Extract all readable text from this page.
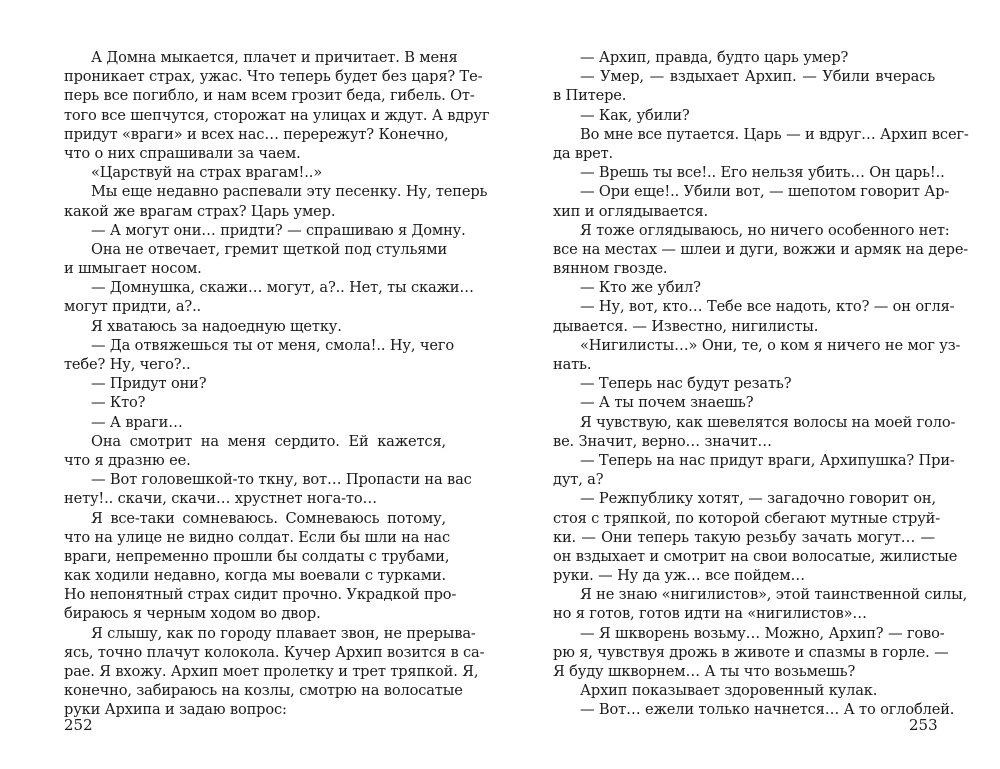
А Домна мыкается, плачет и причитает. В меня
проникает страх, ужас. Что теперь будет без царя? Те-
перь все погибло, и нам всем грозит беда, гибель. От-
того все шепчутся, сторожат на улицах и ждут. А вдруг
придут «враги» и всех нас… перережут? Конечно,
что о них спрашивали за чаем.
«Царствуй на страх врагам!..»
Мы еще недавно распевали эту песенку. Ну, теперь
какой же врагам страх? Царь умер.
— А могут они… придти? — спрашиваю я Домну.
Она не отвечает, гремит щеткой под стульями
и шмыгает носом.
— Домнушка, скажи… могут, а?.. Нет, ты скажи…
могут придти, а?..
Я хватаюсь за надоедную щетку.
— Да отвяжешься ты от меня, смола!.. Ну, чего
тебе? Ну, чего?..
— Придут они?
— Кто?
— А враги…
Она смотрит на меня сердито. Ей кажется,
что я дразню ее.
— Вот головешкой-то ткну, вот… Пропасти на вас
нету!.. скачи, скачи… хрустнет нога-то…
Я все-таки сомневаюсь. Сомневаюсь потому,
что на улице не видно солдат. Если бы шли на нас
враги, непременно прошли бы солдаты с трубами,
как ходили недавно, когда мы воевали с турками.
Но непонятный страх сидит прочно. Украдкой про-
бираюсь я черным ходом во двор.
Я слышу, как по городу плавает звон, не прерыва-
ясь, точно плачут колокола. Кучер Архип возится в са-
рае. Я вхожу. Архип моет пролетку и трет тряпкой. Я,
конечно, забираюсь на козлы, смотрю на волосатые
руки Архипа и задаю вопрос:
252
— Архип, правда, будто царь умер?
— Умер, — вздыхает Архип. — Убили вчерась
в Питере.
— Как, убили?
Во мне все путается. Царь — и вдруг… Архип всег-
да врет.
— Врешь ты все!.. Его нельзя убить… Он царь!..
— Ори еще!.. Убили вот, — шепотом говорит Ар-
хип и оглядывается.
Я тоже оглядываюсь, но ничего особенного нет:
все на местах — шлеи и дуги, вожжи и армяк на дере-
вянном гвозде.
— Кто же убил?
— Ну, вот, кто… Тебе все надоть, кто? — он огля-
дывается. — Известно, нигилисты.
«Нигилисты…» Они, те, о ком я ничего не мог уз-
нать.
— Теперь нас будут резать?
— А ты почем знаешь?
Я чувствую, как шевелятся волосы на моей голо-
ве. Значит, верно… значит…
— Теперь на нас придут враги, Архипушка? При-
дут, а?
— Режпублику хотят, — загадочно говорит он,
стоя с тряпкой, по которой сбегают мутные струй-
ки. — Они теперь такую резьбу зачать могут… —
он вздыхает и смотрит на свои волосатые, жилистые
руки. — Ну да уж… все пойдем…
Я не знаю «нигилистов», этой таинственной силы,
но я готов, готов идти на «нигилистов»…
— Я шкворень возьму… Можно, Архип? — гово-
рю я, чувствуя дрожь в животе и спазмы в горле. —
Я буду шкворнем… А ты что возьмешь?
Архип показывает здоровенный кулак.
— Вот… ежели только начнется… А то оглоблей.
253
